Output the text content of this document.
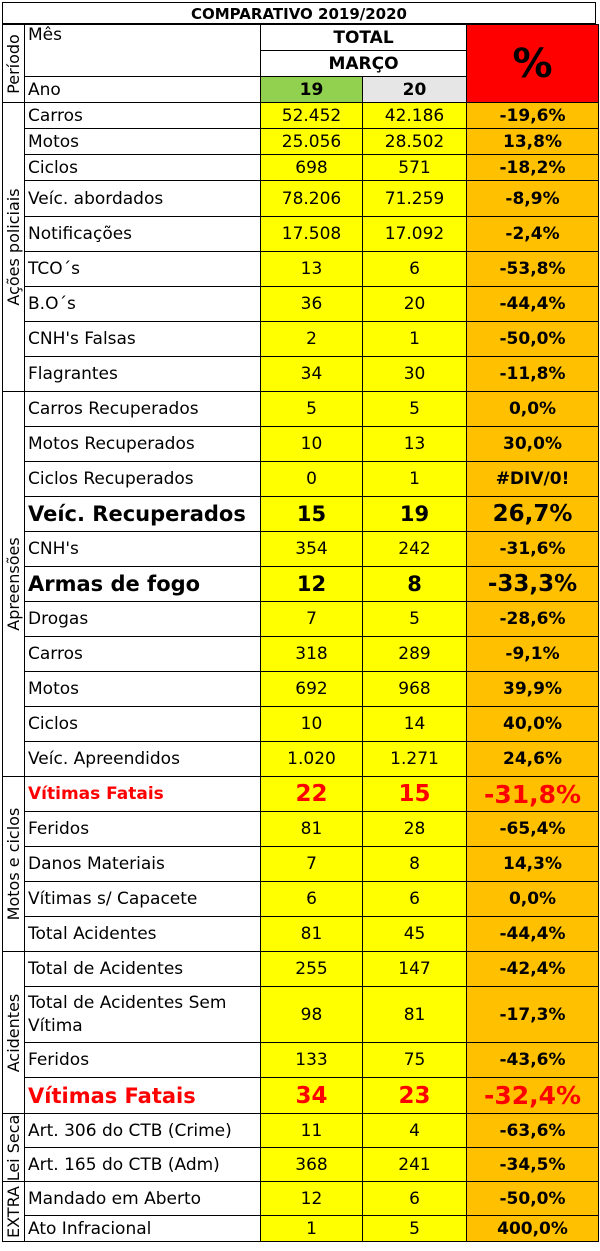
COMPARATIVO 2019/2020
Período	Mês	TOTAL		%
		MARÇO		
	Ano	19	20	

Ações policiais	Carros	52.452	42.186	-19,6%
	Motos	25.056	28.502	13,8%
	Ciclos	698	571	-18,2%
	Veíc. abordados	78.206	71.259	-8,9%
	Notificações	17.508	17.092	-2,4%
	TCO´s	13	6	-53,8%
	B.O´s	36	20	-44,4%
	CNH's Falsas	2	1	-50,0%
	Flagrantes	34	30	-11,8%

Apreensões	Carros Recuperados	5	5	0,0%
	Motos Recuperados	10	13	30,0%
	Ciclos Recuperados	0	1	#DIV/0!
	Veíc. Recuperados	15	19	26,7%
	CNH's	354	242	-31,6%
	Armas de fogo	12	8	-33,3%
	Drogas	7	5	-28,6%
	Carros	318	289	-9,1%
	Motos	692	968	39,9%
	Ciclos	10	14	40,0%
	Veíc. Apreendidos	1.020	1.271	24,6%

Motos e ciclos	Vítimas Fatais	22	15	-31,8%
	Feridos	81	28	-65,4%
	Danos Materiais	7	8	14,3%
	Vítimas s/ Capacete	6	6	0,0%
	Total Acidentes	81	45	-44,4%

Acidentes	Total de Acidentes	255	147	-42,4%
	Total de Acidentes Sem Vítima	98	81	-17,3%
	Feridos	133	75	-43,6%
	Vítimas Fatais	34	23	-32,4%

Lei Seca	Art. 306 do CTB (Crime)	11	4	-63,6%
	Art. 165 do CTB (Adm)	368	241	-34,5%

EXTRA	Mandado em Aberto	12	6	-50,0%
	Ato Infracional	1	5	400,0%
